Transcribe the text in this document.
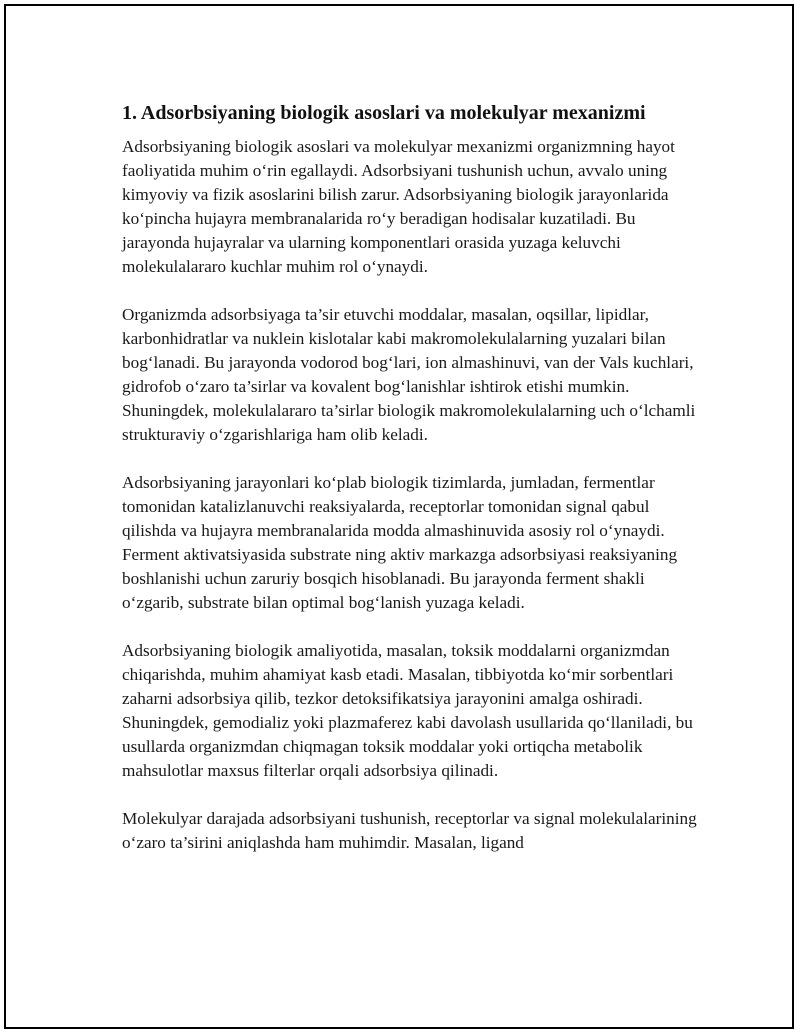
1. Adsorbsiyaning biologik asoslari va molekulyar mexanizmi

Adsorbsiyaning biologik asoslari va molekulyar mexanizmi organizmning hayot faoliyatida muhim o‘rin egallaydi. Adsorbsiyani tushunish uchun, avvalo uning kimyoviy va fizik asoslarini bilish zarur. Adsorbsiyaning biologik jarayonlarida ko‘pincha hujayra membranalarida ro‘y beradigan hodisalar kuzatiladi. Bu jarayonda hujayralar va ularning komponentlari orasida yuzaga keluvchi molekulalararo kuchlar muhim rol o‘ynaydi.

Organizmda adsorbsiyaga ta’sir etuvchi moddalar, masalan, oqsillar, lipidlar, karbonhidratlar va nuklein kislotalar kabi makromolekulalarning yuzalari bilan bog‘lanadi. Bu jarayonda vodorod bog‘lari, ion almashinuvi, van der Vals kuchlari, gidrofob o‘zaro ta’sirlar va kovalent bog‘lanishlar ishtirok etishi mumkin. Shuningdek, molekulalararo ta’sirlar biologik makromolekulalarning uch o‘lchamli strukturaviy o‘zgarishlariga ham olib keladi.

Adsorbsiyaning jarayonlari ko‘plab biologik tizimlarda, jumladan, fermentlar tomonidan katalizlanuvchi reaksiyalarda, receptorlar tomonidan signal qabul qilishda va hujayra membranalarida modda almashinuvida asosiy rol o‘ynaydi. Ferment aktivatsiyasida substrate ning aktiv markazga adsorbsiyasi reaksiyaning boshlanishi uchun zaruriy bosqich hisoblanadi. Bu jarayonda ferment shakli o‘zgarib, substrate bilan optimal bog‘lanish yuzaga keladi.

Adsorbsiyaning biologik amaliyotida, masalan, toksik moddalarni organizmdan chiqarishda, muhim ahamiyat kasb etadi. Masalan, tibbiyotda ko‘mir sorbentlari zaharni adsorbsiya qilib, tezkor detoksifikatsiya jarayonini amalga oshiradi. Shuningdek, gemodializ yoki plazmaferez kabi davolash usullarida qo‘llaniladi, bu usullarda organizmdan chiqmagan toksik moddalar yoki ortiqcha metabolik mahsulotlar maxsus filterlar orqali adsorbsiya qilinadi.

Molekulyar darajada adsorbsiyani tushunish, receptorlar va signal molekulalarining o‘zaro ta’sirini aniqlashda ham muhimdir. Masalan, ligand
